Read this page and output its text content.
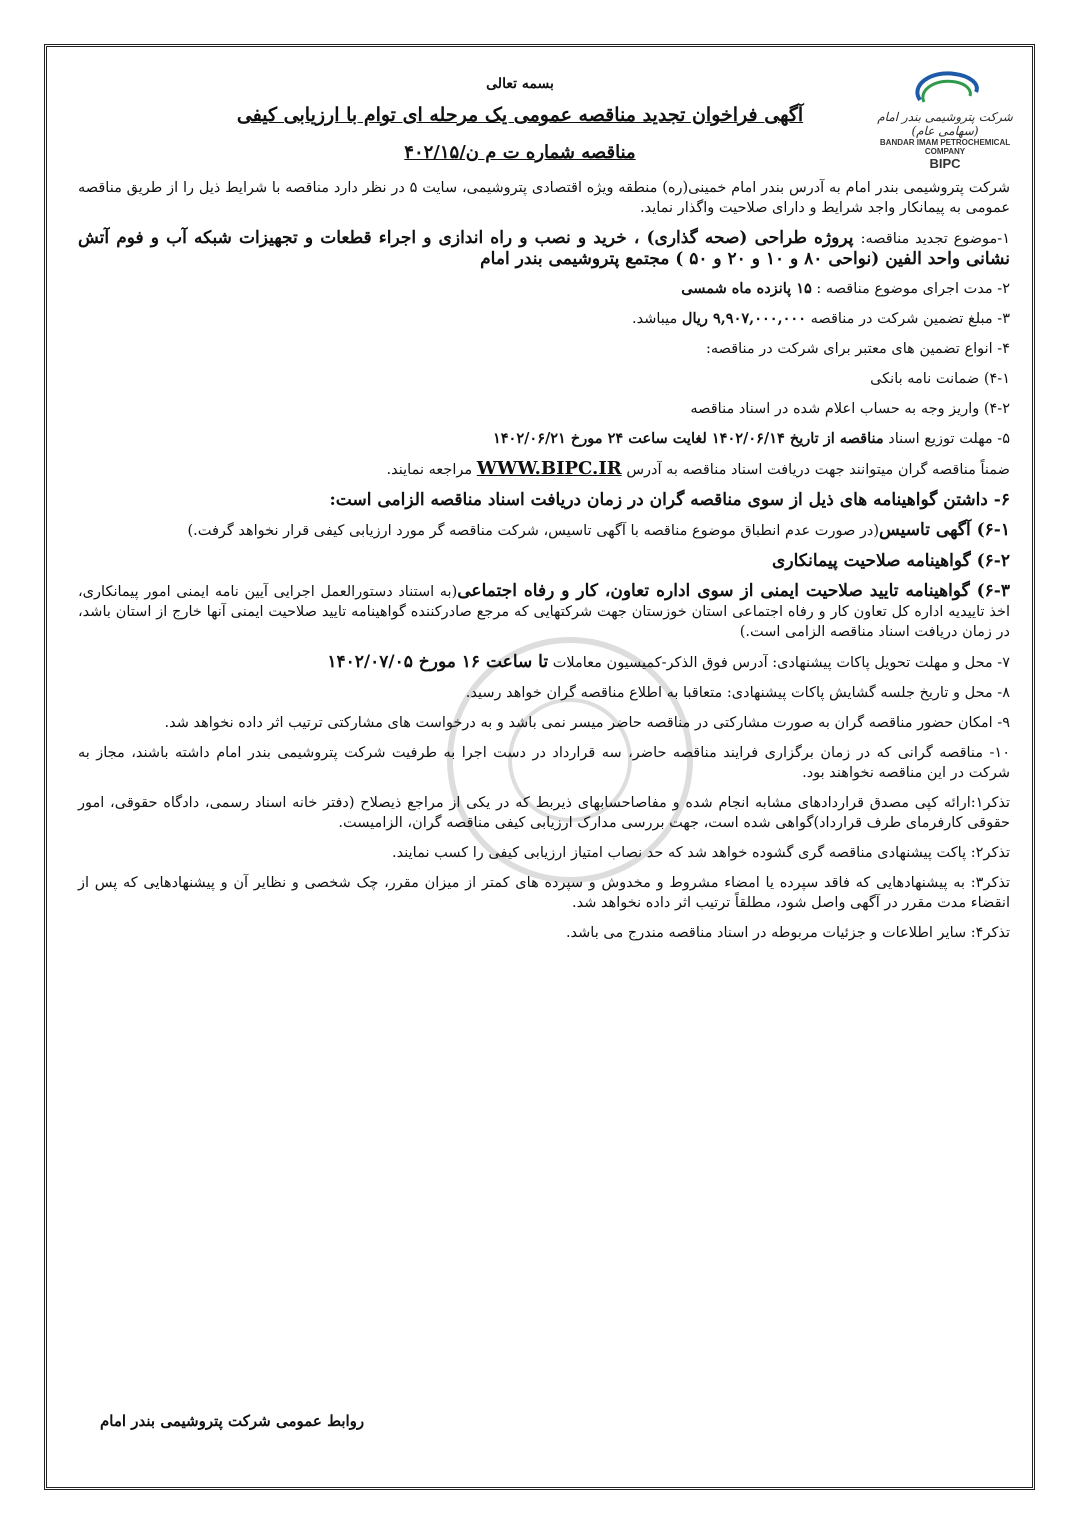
شرکت پتروشیمی بندر امام (سهامی عام)
BANDAR IMAM PETROCHEMICAL COMPANY
BIPC
بسمه تعالی
آگهی فراخوان تجدید مناقصه عمومی یک مرحله ای توام با ارزیابی کیفی
مناقصه شماره ت م ن/۴۰۲/۱۵

شرکت پتروشیمی بندر امام به آدرس بندر امام خمینی(ره) منطقه ویژه اقتصادی پتروشیمی، سایت ۵ در نظر دارد مناقصه با شرایط ذیل را از طریق مناقصه عمومی به پیمانکار واجد شرایط و دارای صلاحیت واگذار نماید.

۱-موضوع تجدید مناقصه: پروژه طراحی (صحه گذاری) ، خرید و نصب و راه اندازی و اجراء قطعات و تجهیزات شبکه آب و فوم آتش نشانی واحد الفین (نواحی ۸۰ و ۱۰ و ۲۰ و ۵۰ ) مجتمع پتروشیمی بندر امام

۲- مدت اجرای موضوع مناقصه : ۱۵ پانزده ماه شمسی

۳- مبلغ تضمین شرکت در مناقصه ۹,۹۰۷,۰۰۰,۰۰۰ ریال میباشد.

۴- انواع تضمین های معتبر برای شرکت در مناقصه:

۴-۱) ضمانت نامه بانکی

۴-۲) واریز وجه به حساب اعلام شده در اسناد مناقصه

۵- مهلت توزیع اسناد مناقصه از تاریخ ۱۴۰۲/۰۶/۱۴ لغایت ساعت ۲۴ مورخ ۱۴۰۲/۰۶/۲۱

ضمناً مناقصه گران میتوانند جهت دریافت اسناد مناقصه به آدرس WWW.BIPC.IR مراجعه نمایند.

۶- داشتن گواهینامه های ذیل از سوی مناقصه گران در زمان دریافت اسناد مناقصه الزامی است:

۶-۱) آگهی تاسیس(در صورت عدم انطباق موضوع مناقصه با آگهی تاسیس، شرکت مناقصه گر مورد ارزیابی کیفی قرار نخواهد گرفت.)

۶-۲) گواهینامه صلاحیت پیمانکاری

۶-۳) گواهینامه تایید صلاحیت ایمنی از سوی اداره تعاون، کار و رفاه اجتماعی(به استناد دستورالعمل اجرایی آیین نامه ایمنی امور پیمانکاری، اخذ تاییدیه اداره کل تعاون کار و رفاه اجتماعی استان خوزستان جهت شرکتهایی که مرجع صادرکننده گواهینامه تایید صلاحیت ایمنی آنها خارج از استان باشد، در زمان دریافت اسناد مناقصه الزامی است.)

۷- محل و مهلت تحویل پاکات پیشنهادی: آدرس فوق الذکر-کمیسیون معاملات تا ساعت ۱۶ مورخ ۱۴۰۲/۰۷/۰۵

۸- محل و تاریخ جلسه گشایش پاکات پیشنهادی: متعاقبا به اطلاع مناقصه گران خواهد رسید.

۹- امکان حضور مناقصه گران به صورت مشارکتی در مناقصه حاضر میسر نمی باشد و به درخواست های مشارکتی ترتیب اثر داده نخواهد شد.

۱۰- مناقصه گرانی که در زمان برگزاری فرایند مناقصه حاضر، سه قرارداد در دست اجرا به طرفیت شرکت پتروشیمی بندر امام داشته باشند، مجاز به شرکت در این مناقصه نخواهند بود.

تذکر۱:ارائه کپی مصدق قراردادهای مشابه انجام شده و مفاصاحسابهای ذیربط که در یکی از مراجع ذیصلاح (دفتر خانه اسناد رسمی، دادگاه حقوقی، امور حقوقی کارفرمای طرف قرارداد)گواهی شده است، جهت بررسی مدارک ارزیابی کیفی مناقصه گران، الزامیست.

تذکر۲: پاکت پیشنهادی مناقصه گری گشوده خواهد شد که حد نصاب امتیاز ارزیابی کیفی را کسب نمایند.

تذکر۳: به پیشنهادهایی که فاقد سپرده یا امضاء مشروط و مخدوش و سپرده های کمتر از میزان مقرر، چک شخصی و نظایر آن و پیشنهادهایی که پس از انقضاء مدت مقرر در آگهی واصل شود، مطلقاً ترتیب اثر داده نخواهد شد.

تذکر۴: سایر اطلاعات و جزئیات مربوطه در اسناد مناقصه مندرج می باشد.

روابط عمومی شرکت پتروشیمی بندر امام
